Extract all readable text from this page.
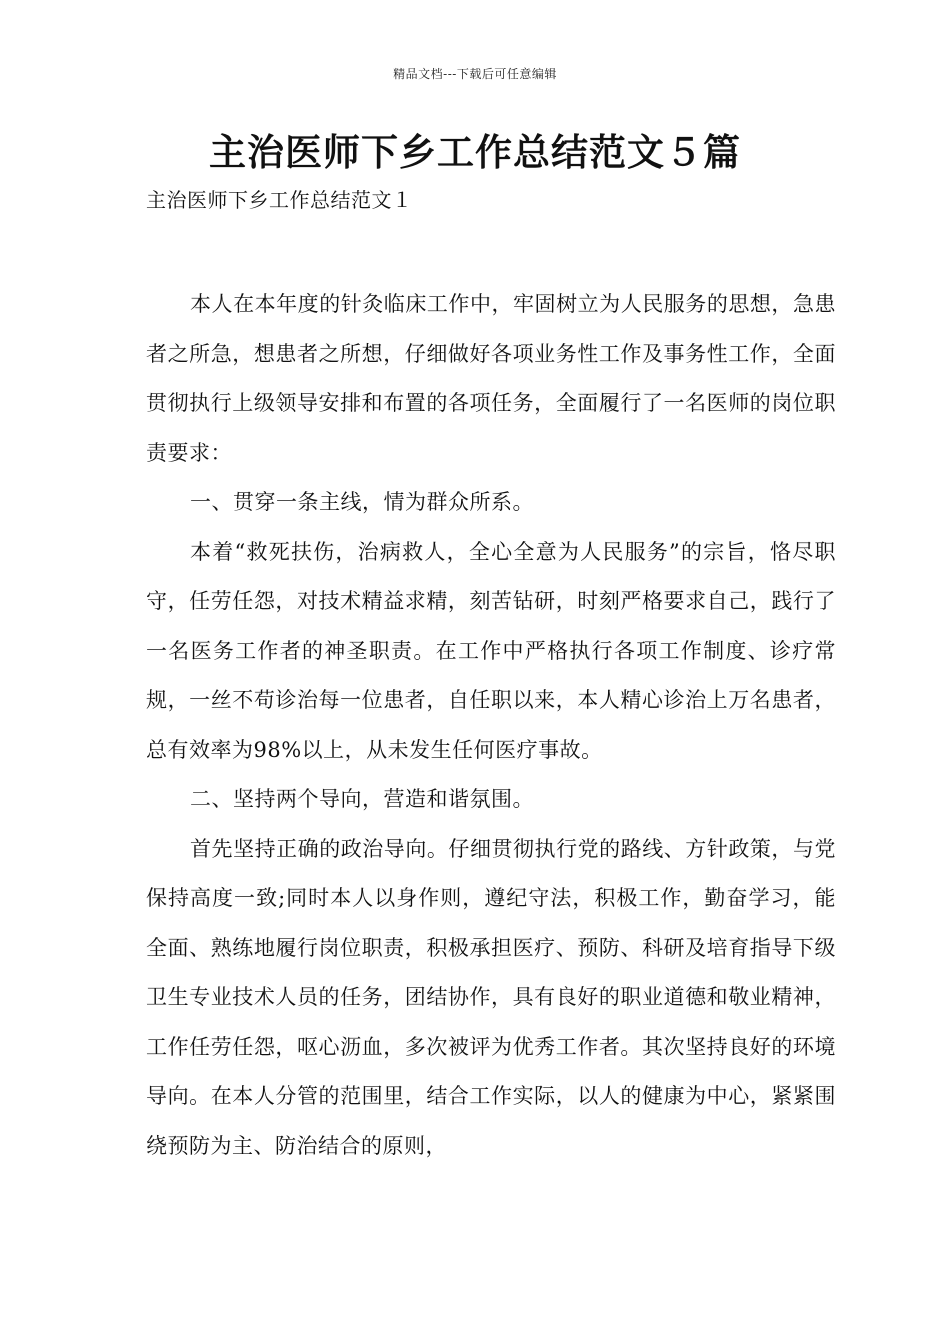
精品文档---下载后可任意编辑
主治医师下乡工作总结范文５篇
主治医师下乡工作总结范文１

本人在本年度的针灸临床工作中，牢固树立为人民服务的思想，急患者之所急，想患者之所想，仔细做好各项业务性工作及事务性工作，全面贯彻执行上级领导安排和布置的各项任务，全面履行了一名医师的岗位职责要求：

一、贯穿一条主线，情为群众所系。

本着“救死扶伤，治病救人，全心全意为人民服务”的宗旨，恪尽职守，任劳任怨，对技术精益求精，刻苦钻研，时刻严格要求自己，践行了一名医务工作者的神圣职责。在工作中严格执行各项工作制度、诊疗常规，一丝不苟诊治每一位患者，自任职以来，本人精心诊治上万名患者，总有效率为98%以上，从未发生任何医疗事故。

二、坚持两个导向，营造和谐氛围。

首先坚持正确的政治导向。仔细贯彻执行党的路线、方针政策，与党保持高度一致;同时本人以身作则，遵纪守法，积极工作，勤奋学习，能全面、熟练地履行岗位职责，积极承担医疗、预防、科研及培育指导下级卫生专业技术人员的任务，团结协作，具有良好的职业道德和敬业精神，工作任劳任怨，呕心沥血，多次被评为优秀工作者。其次坚持良好的环境导向。在本人分管的范围里，结合工作实际，以人的健康为中心，紧紧围绕预防为主、防治结合的原则，
